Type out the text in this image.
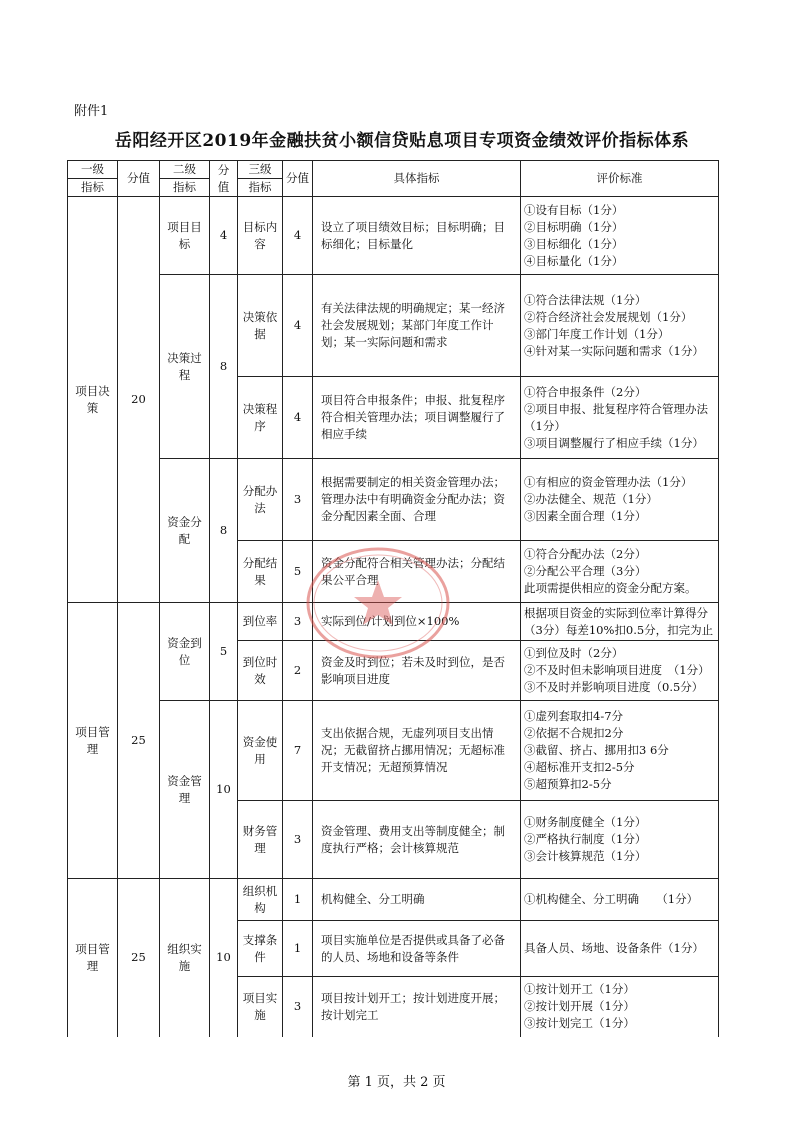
附件1
岳阳经开区2019年金融扶贫小额信贷贴息项目专项资金绩效评价指标体系
一级	分值	二级	分值	三级	分值	具体指标	评价标准
指标		指标		指标			
项目决策	20	项目目标	4	目标内容	4	设立了项目绩效目标；目标明确；目标细化；目标量化	①设有目标（1分）
②目标明确（1分）
③目标细化（1分）
④目标量化（1分）

		决策过程	8	决策依据	4	有关法律法规的明确规定；某一经济社会发展规划；某部门年度工作计划；某一实际问题和需求	①符合法律法规（1分）
②符合经济社会发展规划（1分）
③部门年度工作计划（1分）
④针对某一实际问题和需求（1分）

				决策程序	4	项目符合申报条件；申报、批复程序符合相关管理办法；项目调整履行了相应手续	①符合申报条件（2分）
②项目申报、批复程序符合管理办法
（1分）
③项目调整履行了相应手续（1分）

		资金分配	8	分配办法	3	根据需要制定的相关资金管理办法；管理办法中有明确资金分配办法；资金分配因素全面、合理	①有相应的资金管理办法（1分）
②办法健全、规范（1分）
③因素全面合理（1分）

				分配结果	5	资金分配符合相关管理办法；分配结果公平合理	①符合分配办法（2分）
②分配公平合理（3分）
此项需提供相应的资金分配方案。

项目管理	25	资金到位	5	到位率	3	实际到位/计划到位×100%	根据项目资金的实际到位率计算得分
（3分）每差10%扣0.5分，扣完为止

				到位时效	2	资金及时到位；若未及时到位，是否影响项目进度	①到位及时（2分）
②不及时但未影响项目进度　（1分）
③不及时并影响项目进度（0.5分）

		资金管理	10	资金使用	7	支出依据合规，无虚列项目支出情况；无截留挤占挪用情况；无超标准开支情况；无超预算情况	①虚列套取扣4-7分
②依据不合规扣2分
③截留、挤占、挪用扣3 6分
④超标准开支扣2-5分
⑤超预算扣2-5分

				财务管理	3	资金管理、费用支出等制度健全；制度执行严格；会计核算规范	①财务制度健全（1分）
②严格执行制度（1分）
③会计核算规范（1分）

项目管理	25	组织实施	10	组织机构	1	机构健全、分工明确	①机构健全、分工明确　　（1分）

				支撑条件	1	项目实施单位是否提供或具备了必备的人员、场地和设备等条件	具备人员、场地、设备条件（1分）

				项目实施	3	项目按计划开工；按计划进度开展；按计划完工	①按计划开工（1分）
②按计划开展（1分）
③按计划完工（1分）
第 1 页，共 2 页
